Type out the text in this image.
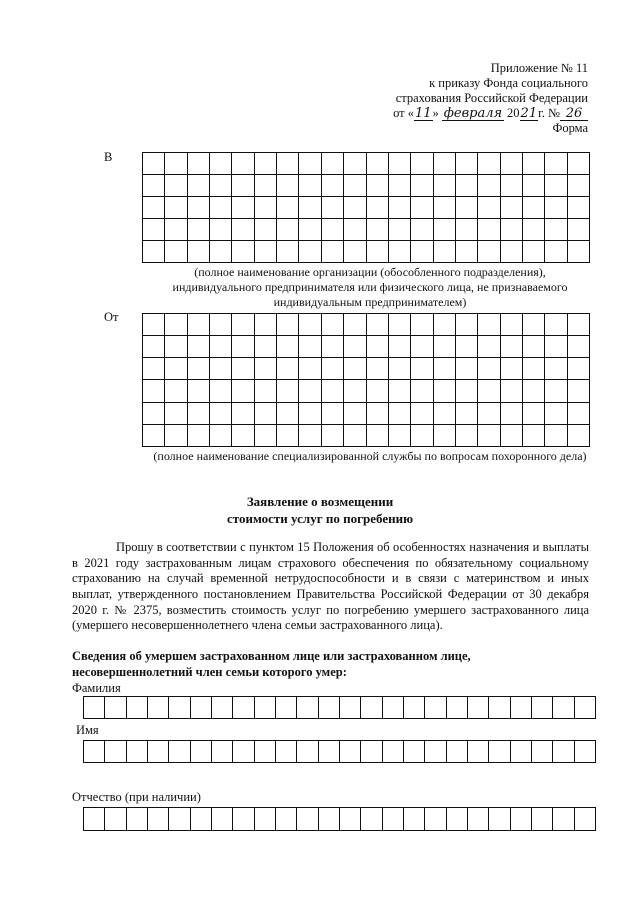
Приложение № 11
к приказу Фонда социального
страхования Российской Федерации
от «11» февраля 2021г. № 26
Форма
В
(полное наименование организации (обособленного подразделения), индивидуального предпринимателя или физического лица, не признаваемого индивидуальным предпринимателем)
От
(полное наименование специализированной службы по вопросам похоронного дела)
Заявление о возмещении
стоимости услуг по погребению
Прошу в соответствии с пунктом 15 Положения об особенностях назначения и выплаты в 2021 году застрахованным лицам страхового обеспечения по обязательному социальному страхованию на случай временной нетрудоспособности и в связи с материнством и иных выплат, утвержденного постановлением Правительства Российской Федерации от 30 декабря 2020 г. № 2375, возместить стоимость услуг по погребению умершего застрахованного лица (умершего несовершеннолетнего члена семьи застрахованного лица).
Сведения об умершем застрахованном лице или застрахованном лице, несовершеннолетний член семьи которого умер:
Фамилия
Имя
Отчество (при наличии)
